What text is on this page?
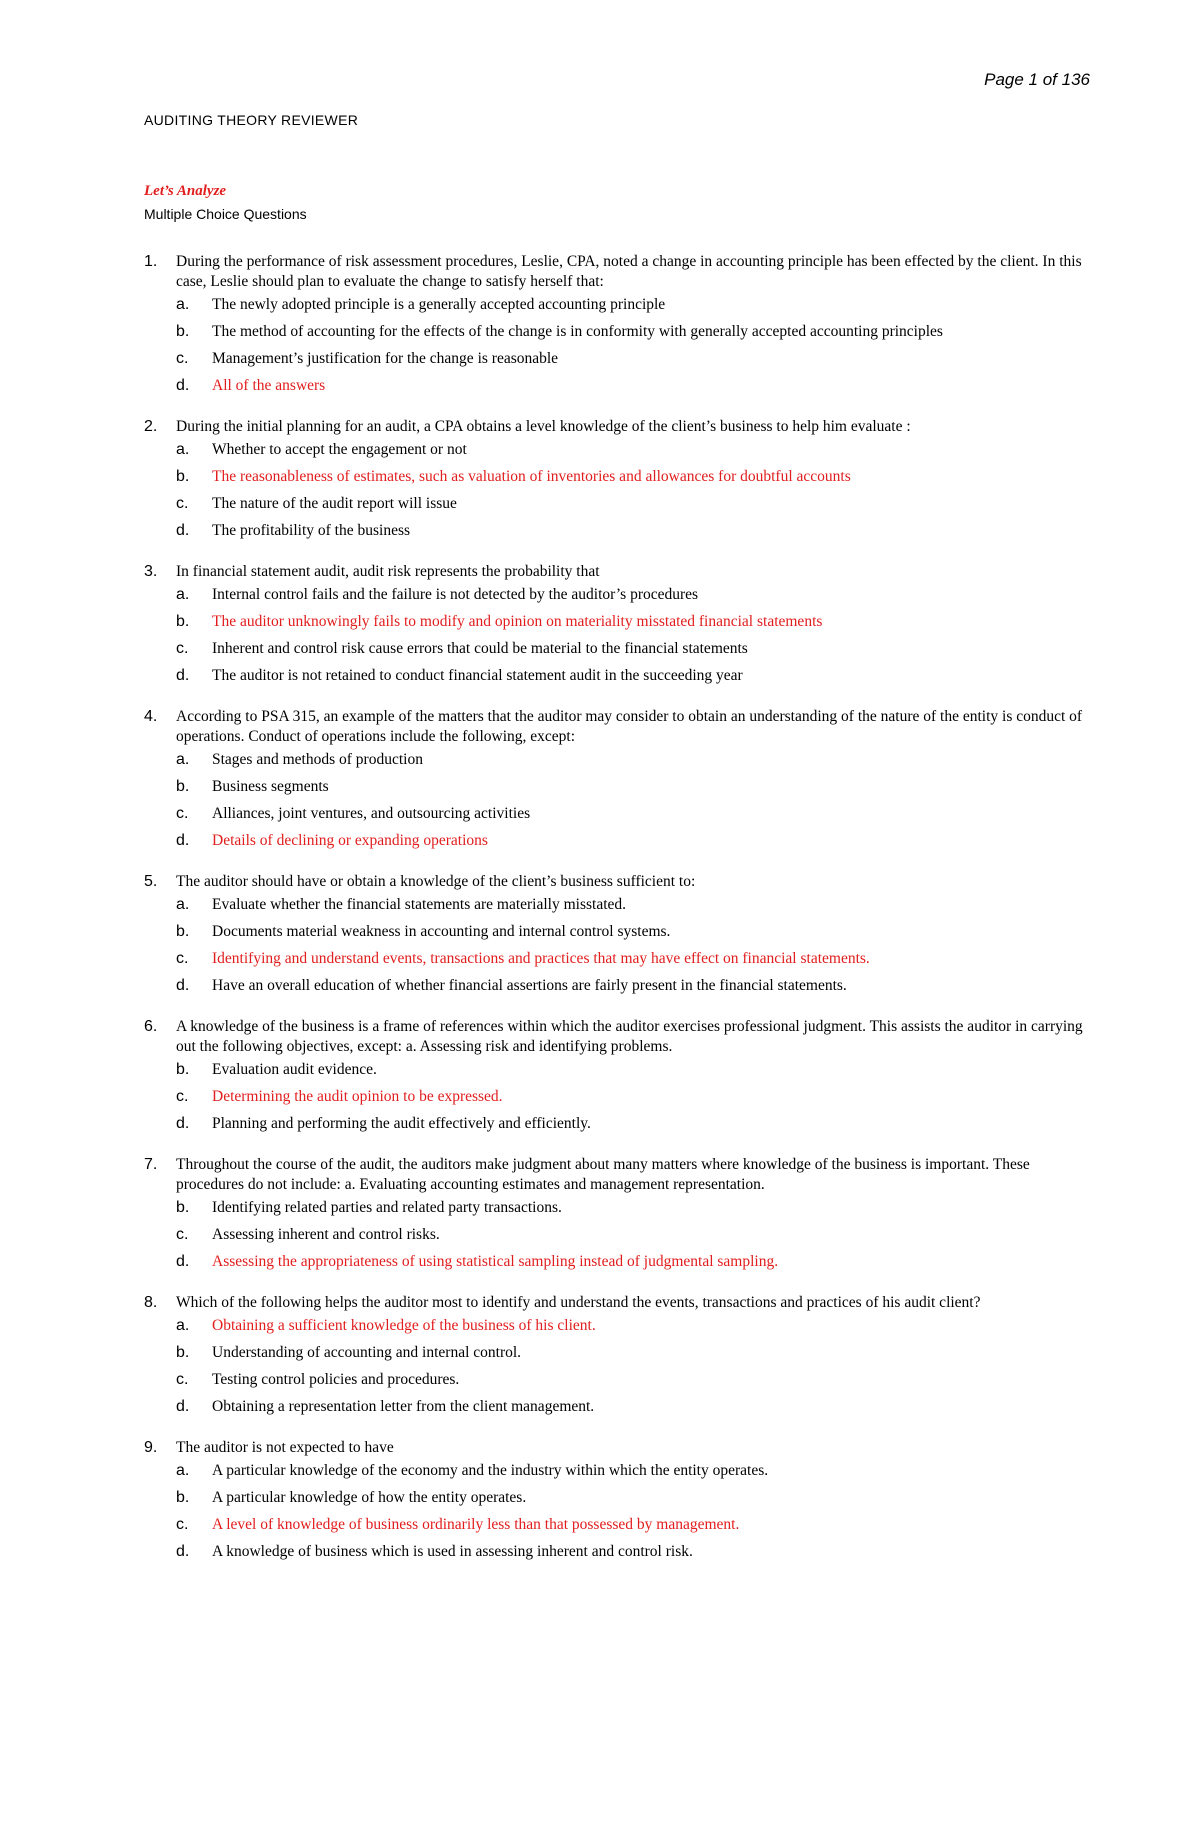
Page 1 of 136
AUDITING THEORY REVIEWER
Let’s Analyze
Multiple Choice Questions
1.	During the performance of risk assessment procedures, Leslie, CPA, noted a change in accounting principle has been effected by the client. In this case, Leslie should plan to evaluate the change to satisfy herself that:
a.	The newly adopted principle is a generally accepted accounting principle
b.	The method of accounting for the effects of the change is in conformity with generally accepted accounting principles
c.	Management’s justification for the change is reasonable
d.	All of the answers
2.	During the initial planning for an audit, a CPA obtains a level knowledge of the client’s business to help him evaluate :
a.	Whether to accept the engagement or not
b.	The reasonableness of estimates, such as valuation of inventories and allowances for doubtful accounts
c.	The nature of the audit report will issue
d.	The profitability of the business
3.	In financial statement audit, audit risk represents the probability that
a.	Internal control fails and the failure is not detected by the auditor’s procedures
b.	The auditor unknowingly fails to modify and opinion on materiality misstated financial statements
c.	Inherent and control risk cause errors that could be material to the financial statements
d.	The auditor is not retained to conduct financial statement audit in the succeeding year
4.	According to PSA 315, an example of the matters that the auditor may consider to obtain an understanding of the nature of the entity is conduct of operations. Conduct of operations include the following, except:
a.	Stages and methods of production
b.	Business segments
c.	Alliances, joint ventures, and outsourcing activities
d.	Details of declining or expanding operations
5.	The auditor should have or obtain a knowledge of the client’s business sufficient to:
a.	Evaluate whether the financial statements are materially misstated.
b.	Documents material weakness in accounting and internal control systems.
c.	Identifying and understand events, transactions and practices that may have effect on financial statements.
d.	Have an overall education of whether financial assertions are fairly present in the financial statements.
6.	A knowledge of the business is a frame of references within which the auditor exercises professional judgment. This assists the auditor in carrying out the following objectives, except: a. Assessing risk and identifying problems.
b.	Evaluation audit evidence.
c.	Determining the audit opinion to be expressed.
d.	Planning and performing the audit effectively and efficiently.
7.	Throughout the course of the audit, the auditors make judgment about many matters where knowledge of the business is important. These procedures do not include: a. Evaluating accounting estimates and management representation.
b.	Identifying related parties and related party transactions.
c.	Assessing inherent and control risks.
d.	Assessing the appropriateness of using statistical sampling instead of judgmental sampling.
8.	Which of the following helps the auditor most to identify and understand the events, transactions and practices of his audit client?
a.	Obtaining a sufficient knowledge of the business of his client.
b.	Understanding of accounting and internal control.
c.	Testing control policies and procedures.
d.	Obtaining a representation letter from the client management.
9.	The auditor is not expected to have
a.	A particular knowledge of the economy and the industry within which the entity operates.
b.	A particular knowledge of how the entity operates.
c.	A level of knowledge of business ordinarily less than that possessed by management.
d.	A knowledge of business which is used in assessing inherent and control risk.
